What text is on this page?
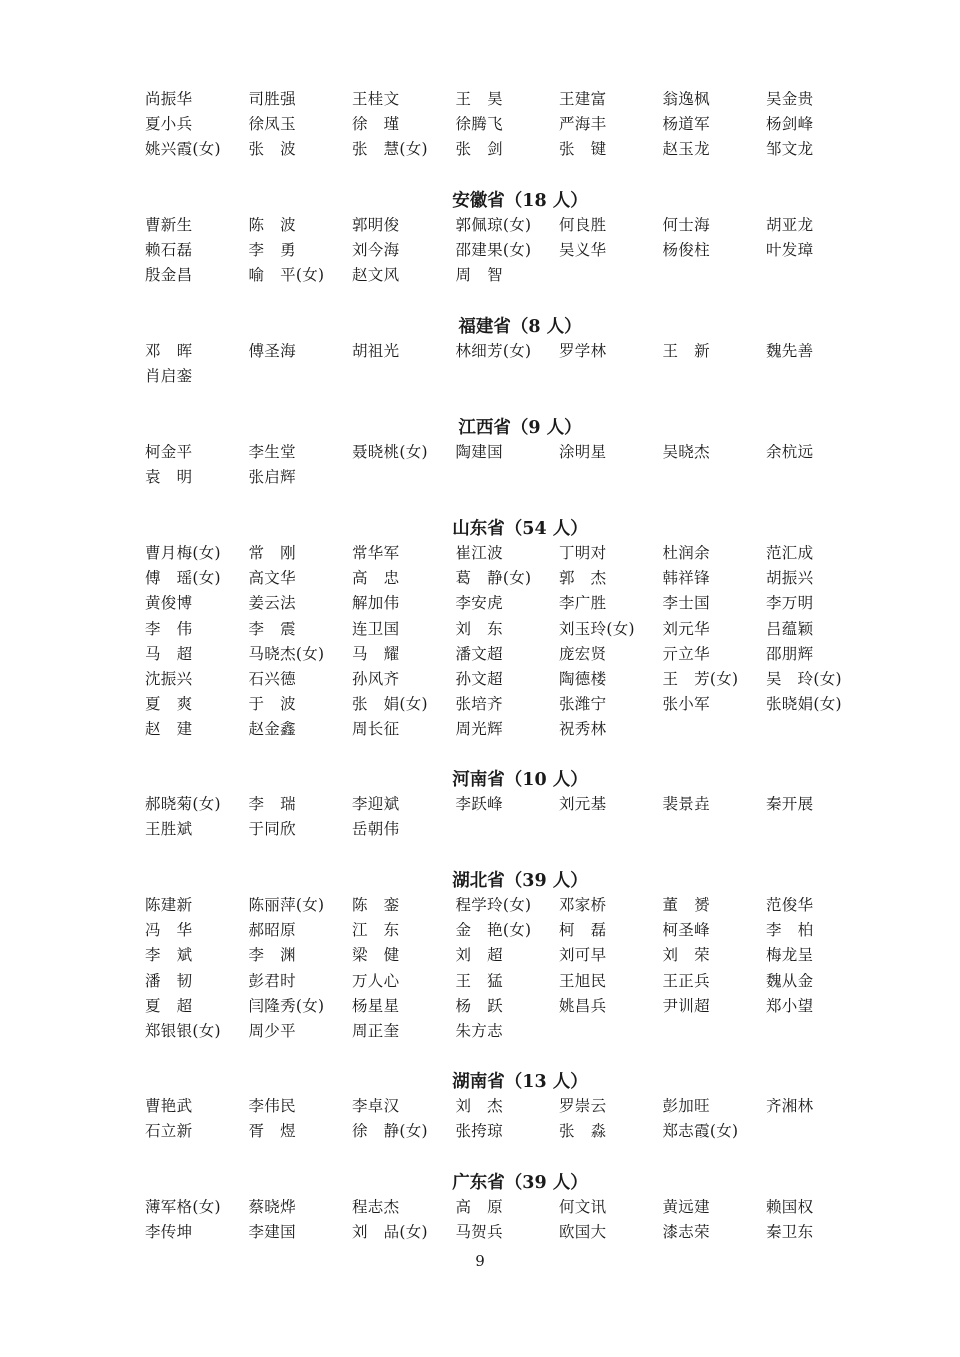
尚振华	司胜强	王桂文	王　昊	王建富	翁逸枫	吴金贵
夏小兵	徐凤玉	徐　瑾	徐腾飞	严海丰	杨道军	杨剑峰
姚兴霞(女)	张　波	张　慧(女)	张　剑	张　键	赵玉龙	邹文龙
安徽省（18 人）
曹新生	陈　波	郭明俊	郭佩琼(女)	何良胜	何士海	胡亚龙
赖石磊	李　勇	刘今海	邵建果(女)	吴义华	杨俊柱	叶发璋
殷金昌	喻　平(女)	赵文风	周　智
福建省（8 人）
邓　晖	傅圣海	胡祖光	林细芳(女)	罗学林	王　新	魏先善
肖启銮
江西省（9 人）
柯金平	李生堂	聂晓桃(女)	陶建国	涂明星	吴晓杰	余杭远
袁　明	张启辉
山东省（54 人）
曹月梅(女)	常　刚	常华军	崔江波	丁明对	杜润余	范汇成
傅　瑶(女)	高文华	高　忠	葛　静(女)	郭　杰	韩祥锋	胡振兴
黄俊博	姜云法	解加伟	李安虎	李广胜	李士国	李万明
李　伟	李　震	连卫国	刘　东	刘玉玲(女)	刘元华	吕蕴颖
马　超	马晓杰(女)	马　耀	潘文超	庞宏贤	亓立华	邵朋辉
沈振兴	石兴德	孙风齐	孙文超	陶德楼	王　芳(女)	吴　玲(女)
夏　爽	于　波	张　娟(女)	张培齐	张潍宁	张小军	张晓娟(女)
赵　建	赵金鑫	周长征	周光辉	祝秀林
河南省（10 人）
郝晓菊(女)	李　瑞	李迎斌	李跃峰	刘元基	裴景垚	秦开展
王胜斌	于同欣	岳朝伟
湖北省（39 人）
陈建新	陈丽萍(女)	陈　銮	程学玲(女)	邓家桥	董　赟	范俊华
冯　华	郝昭原	江　东	金　艳(女)	柯　磊	柯圣峰	李　柏
李　斌	李　渊	梁　健	刘　超	刘可早	刘　荣	梅龙呈
潘　韧	彭君时	万人心	王　猛	王旭民	王正兵	魏从金
夏　超	闫隆秀(女)	杨星星	杨　跃	姚昌兵	尹训超	郑小望
郑银银(女)	周少平	周正奎	朱方志
湖南省（13 人）
曹艳武	李伟民	李卓汉	刘　杰	罗崇云	彭加旺	齐湘林
石立新	胥　煜	徐　静(女)	张挎琼	张　淼	郑志霞(女)
广东省（39 人）
薄军格(女)	蔡晓烨	程志杰	高　原	何文讯	黄远建	赖国权
李传坤	李建国	刘　品(女)	马贺兵	欧国大	漆志荣	秦卫东
9
